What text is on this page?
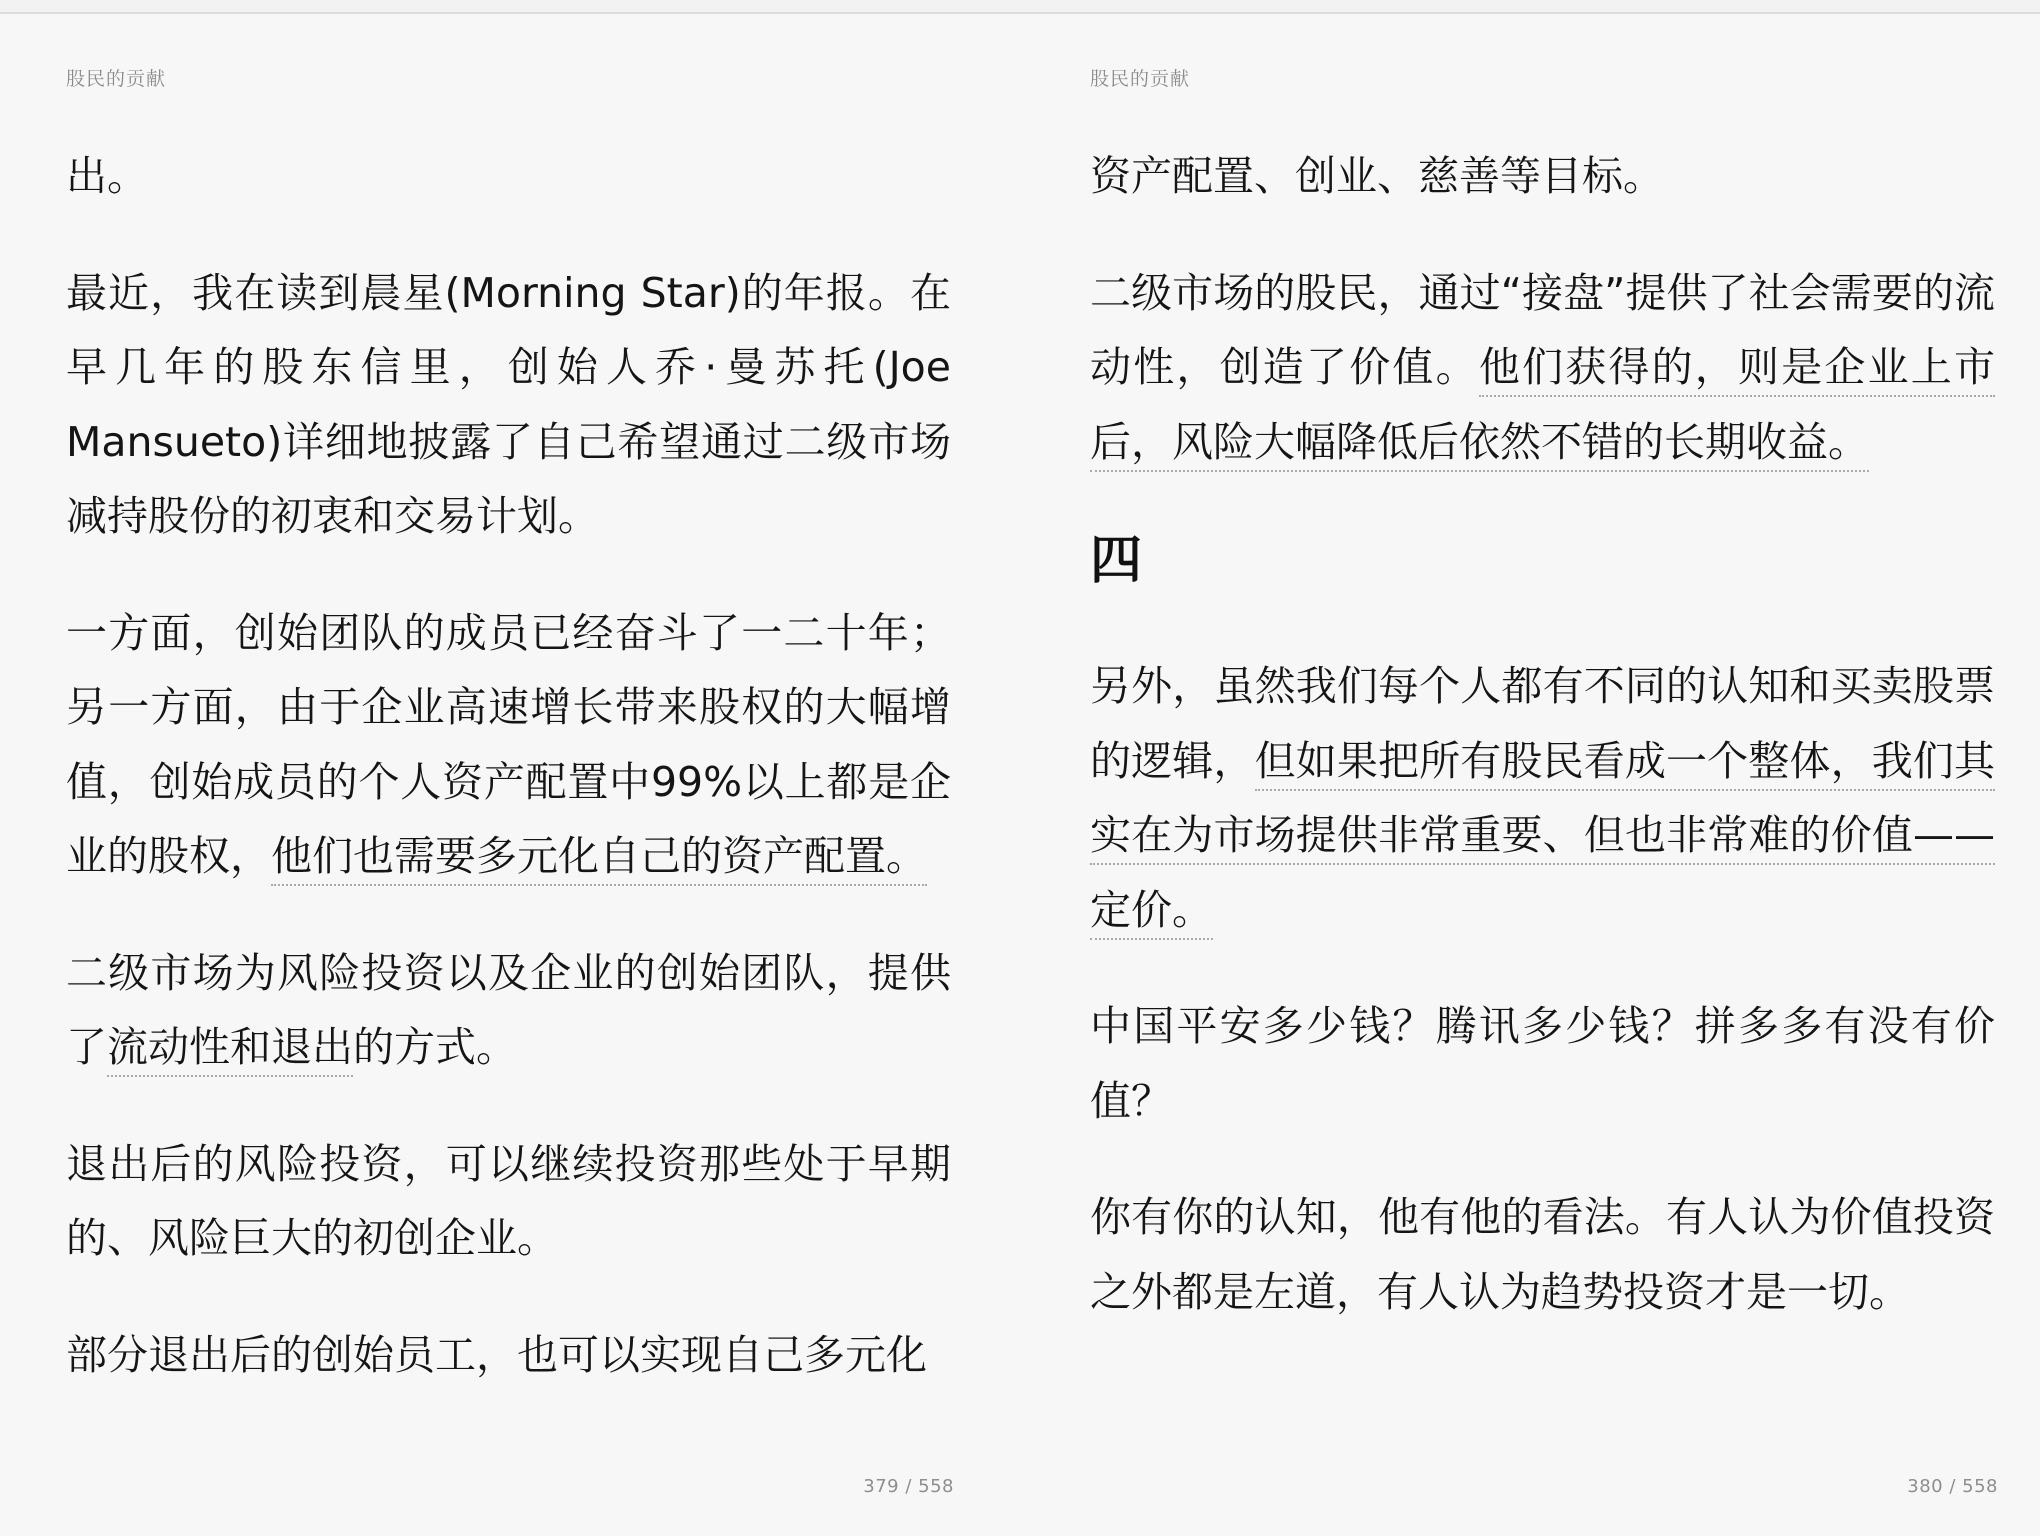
股民的贡献

出。

最近，我在读到晨星(Morning Star)的年报。在早几年的股东信里，创始人乔·曼苏托(Joe Mansueto)详细地披露了自己希望通过二级市场减持股份的初衷和交易计划。

一方面，创始团队的成员已经奋斗了一二十年；另一方面，由于企业高速增长带来股权的大幅增值，创始成员的个人资产配置中99%以上都是企业的股权，他们也需要多元化自己的资产配置。

二级市场为风险投资以及企业的创始团队，提供了流动性和退出的方式。

退出后的风险投资，可以继续投资那些处于早期的、风险巨大的初创企业。

部分退出后的创始员工，也可以实现自己多元化

379 / 558
股民的贡献

资产配置、创业、慈善等目标。

二级市场的股民，通过“接盘”提供了社会需要的流动性，创造了价值。他们获得的，则是企业上市后，风险大幅降低后依然不错的长期收益。

四

另外，虽然我们每个人都有不同的认知和买卖股票的逻辑，但如果把所有股民看成一个整体，我们其实在为市场提供非常重要、但也非常难的价值——定价。

中国平安多少钱？腾讯多少钱？拼多多有没有价值？

你有你的认知，他有他的看法。有人认为价值投资之外都是左道，有人认为趋势投资才是一切。

380 / 558
